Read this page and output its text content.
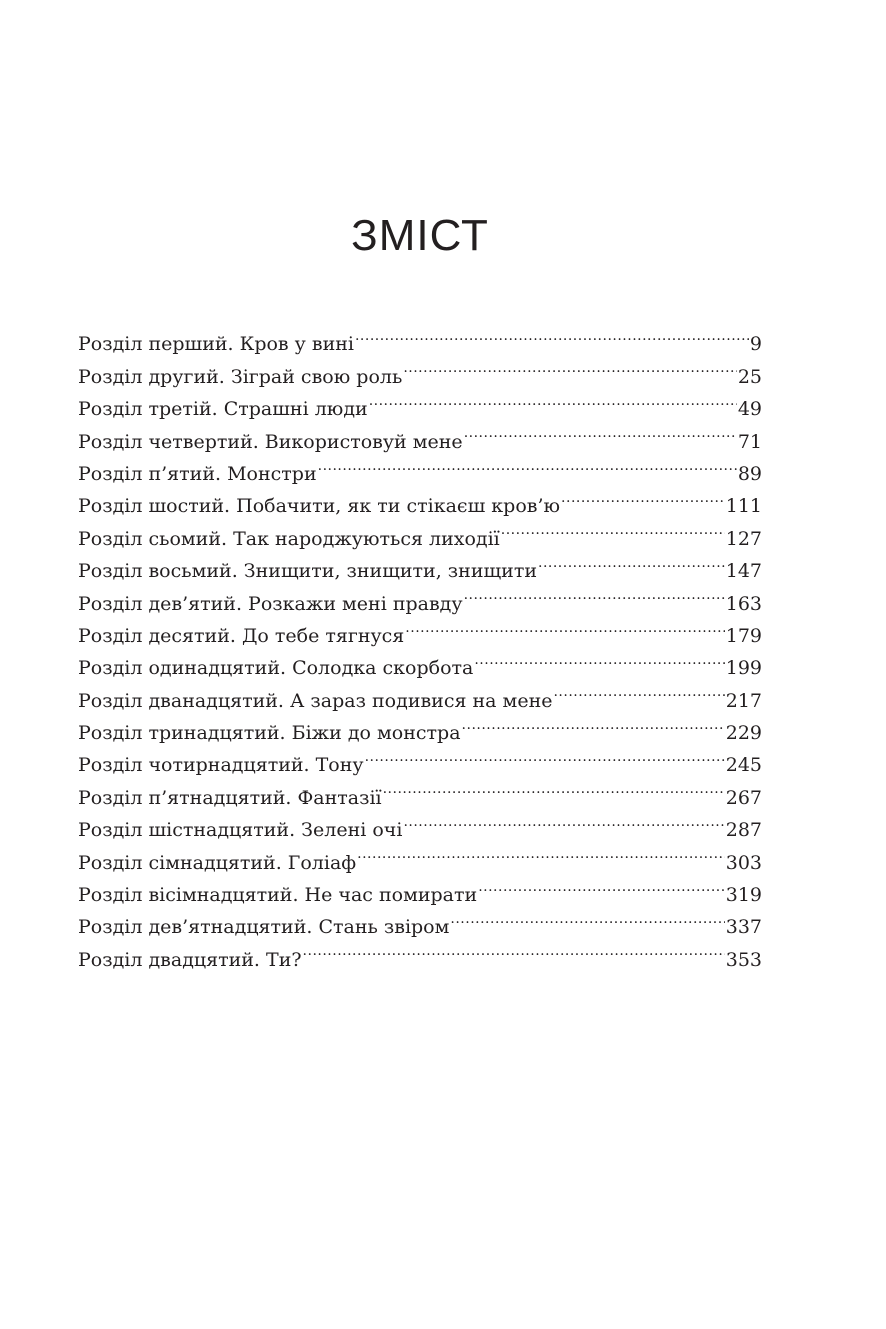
ЗМІСТ
Розділ перший. Кров у вині .....	9
Розділ другий. Зіграй свою роль .....	25
Розділ третій. Страшні люди .....	49
Розділ четвертий. Використовуй мене .....	71
Розділ п’ятий. Монстри .....	89
Розділ шостий. Побачити, як ти стікаєш кров’ю .....	111
Розділ сьомий. Так народжуються лиходії .....	127
Розділ восьмий. Знищити, знищити, знищити .....	147
Розділ дев’ятий. Розкажи мені правду .....	163
Розділ десятий. До тебе тягнуся .....	179
Розділ одинадцятий. Солодка скорбота .....	199
Розділ дванадцятий. А зараз подивися на мене .....	217
Розділ тринадцятий. Біжи до монстра .....	229
Розділ чотирнадцятий. Тону .....	245
Розділ п’ятнадцятий. Фантазії .....	267
Розділ шістнадцятий. Зелені очі .....	287
Розділ сімнадцятий. Голіаф .....	303
Розділ вісімнадцятий. Не час помирати .....	319
Розділ дев’ятнадцятий. Стань звіром .....	337
Розділ двадцятий. Ти? .....	353
